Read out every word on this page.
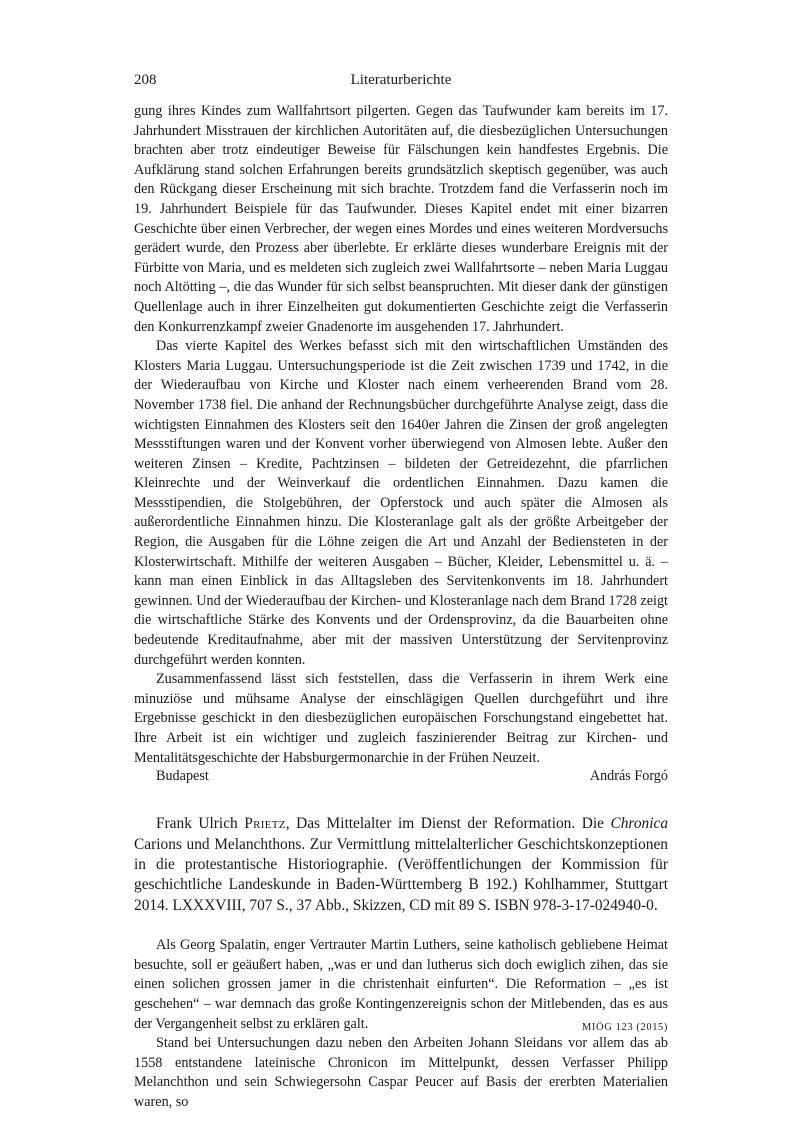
208	Literaturberichte

gung ihres Kindes zum Wallfahrtsort pilgerten. Gegen das Taufwunder kam bereits im 17. Jahrhundert Misstrauen der kirchlichen Autoritäten auf, die diesbezüglichen Untersuchungen brachten aber trotz eindeutiger Beweise für Fälschungen kein handfestes Ergebnis. Die Aufklärung stand solchen Erfahrungen bereits grundsätzlich skeptisch gegenüber, was auch den Rückgang dieser Erscheinung mit sich brachte. Trotzdem fand die Verfasserin noch im 19. Jahrhundert Beispiele für das Taufwunder. Dieses Kapitel endet mit einer bizarren Geschichte über einen Verbrecher, der wegen eines Mordes und eines weiteren Mordversuchs gerädert wurde, den Prozess aber überlebte. Er erklärte dieses wunderbare Ereignis mit der Fürbitte von Maria, und es meldeten sich zugleich zwei Wallfahrtsorte – neben Maria Luggau noch Altötting –, die das Wunder für sich selbst beanspruchten. Mit dieser dank der günstigen Quellenlage auch in ihrer Einzelheiten gut dokumentierten Geschichte zeigt die Verfasserin den Konkurrenzkampf zweier Gnadenorte im ausgehenden 17. Jahrhundert.

Das vierte Kapitel des Werkes befasst sich mit den wirtschaftlichen Umständen des Klosters Maria Luggau. Untersuchungsperiode ist die Zeit zwischen 1739 und 1742, in die der Wiederaufbau von Kirche und Kloster nach einem verheerenden Brand vom 28. November 1738 fiel. Die anhand der Rechnungsbücher durchgeführte Analyse zeigt, dass die wichtigsten Einnahmen des Klosters seit den 1640er Jahren die Zinsen der groß angelegten Messstiftungen waren und der Konvent vorher überwiegend von Almosen lebte. Außer den weiteren Zinsen – Kredite, Pachtzinsen – bildeten der Getreidezehnt, die pfarrlichen Kleinrechte und der Weinverkauf die ordentlichen Einnahmen. Dazu kamen die Messstipendien, die Stolgebühren, der Opferstock und auch später die Almosen als außerordentliche Einnahmen hinzu. Die Klosteranlage galt als der größte Arbeitgeber der Region, die Ausgaben für die Löhne zeigen die Art und Anzahl der Bediensteten in der Klosterwirtschaft. Mithilfe der weiteren Ausgaben – Bücher, Kleider, Lebensmittel u. ä. – kann man einen Einblick in das Alltagsleben des Servitenkonvents im 18. Jahrhundert gewinnen. Und der Wiederaufbau der Kirchen- und Klosteranlage nach dem Brand 1728 zeigt die wirtschaftliche Stärke des Konvents und der Ordensprovinz, da die Bauarbeiten ohne bedeutende Kreditaufnahme, aber mit der massiven Unterstützung der Servitenprovinz durchgeführt werden konnten.

Zusammenfassend lässt sich feststellen, dass die Verfasserin in ihrem Werk eine minuziöse und mühsame Analyse der einschlägigen Quellen durchgeführt und ihre Ergebnisse geschickt in den diesbezüglichen europäischen Forschungstand eingebettet hat. Ihre Arbeit ist ein wichtiger und zugleich faszinierender Beitrag zur Kirchen- und Mentalitätsgeschichte der Habsburgermonarchie in der Frühen Neuzeit.

Budapest	András Forgó
Frank Ulrich Prietz, Das Mittelalter im Dienst der Reformation. Die Chronica Carions und Melanchthons. Zur Vermittlung mittelalterlicher Geschichtskonzeptionen in die protestantische Historiographie. (Veröffentlichungen der Kommission für geschichtliche Landeskunde in Baden-Württemberg B 192.) Kohlhammer, Stuttgart 2014. LXXXVIII, 707 S., 37 Abb., Skizzen, CD mit 89 S. ISBN 978-3-17-024940-0.

Als Georg Spalatin, enger Vertrauter Martin Luthers, seine katholisch gebliebene Heimat besuchte, soll er geäußert haben, „was er und dan lutherus sich doch ewiglich zihen, das sie einen solichen grossen jamer in die christenhait einfurten“. Die Reformation – „es ist geschehen“ – war demnach das große Kontingenzereignis schon der Mitlebenden, das es aus der Vergangenheit selbst zu erklären galt.

Stand bei Untersuchungen dazu neben den Arbeiten Johann Sleidans vor allem das ab 1558 entstandene lateinische Chronicon im Mittelpunkt, dessen Verfasser Philipp Melanchthon und sein Schwiegersohn Caspar Peucer auf Basis der ererbten Materialien waren, so

MIÖG 123 (2015)
